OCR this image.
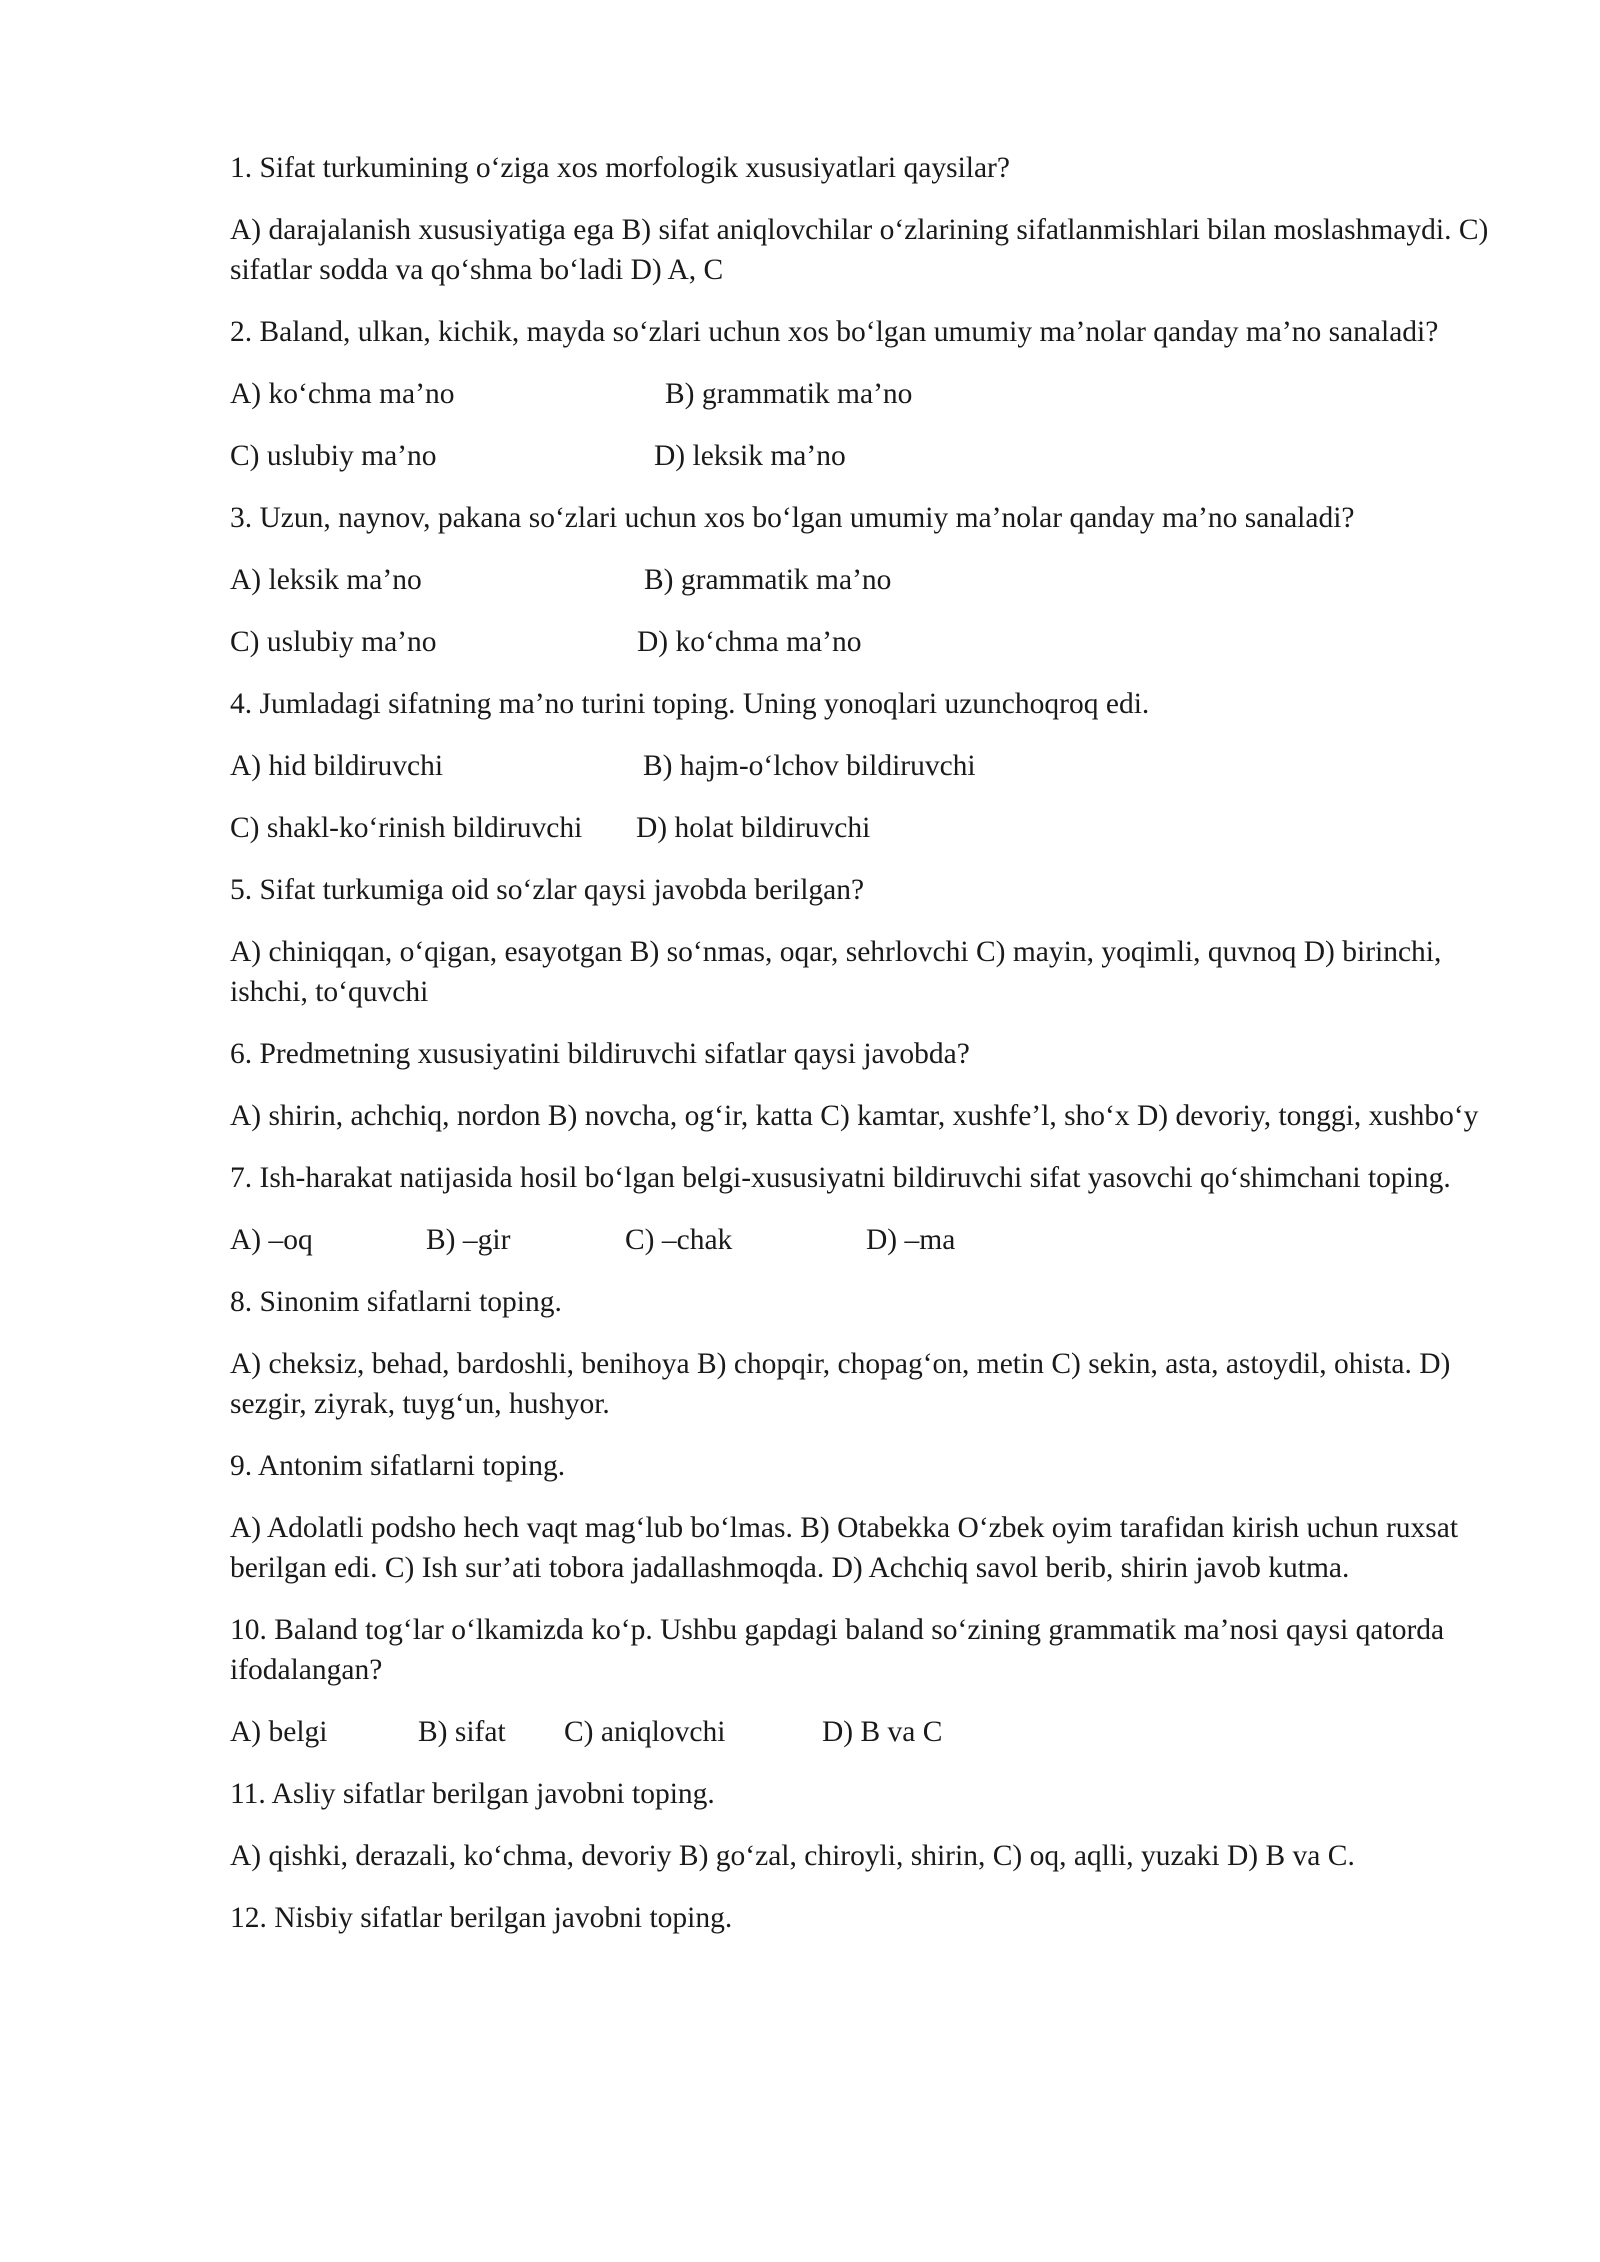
1. Sifat turkumining o‘ziga xos morfologik xususiyatlari qaysilar?

A) darajalanish xususiyatiga ega B) sifat aniqlovchilar o‘zlarining sifatlanmishlari bilan moslashmaydi. C) sifatlar sodda va qo‘shma bo‘ladi D) A, C

2. Baland, ulkan, kichik, mayda so‘zlari uchun xos bo‘lgan umumiy ma’nolar qanday ma’no sanaladi?

A) ko‘chma ma’no	B) grammatik ma’no
C) uslubiy ma’no	D) leksik ma’no

3. Uzun, naynov, pakana so‘zlari uchun xos bo‘lgan umumiy ma’nolar qanday ma’no sanaladi?

A) leksik ma’no	B) grammatik ma’no
C) uslubiy ma’no	D) ko‘chma ma’no

4. Jumladagi sifatning ma’no turini toping. Uning yonoqlari uzunchoqroq edi.

A) hid bildiruvchi	B) hajm-o‘lchov bildiruvchi
C) shakl-ko‘rinish bildiruvchi D) holat bildiruvchi

5. Sifat turkumiga oid so‘zlar qaysi javobda berilgan?

A) chiniqqan, o‘qigan, esayotgan B) so‘nmas, oqar, sehrlovchi C) mayin, yoqimli, quvnoq D) birinchi, ishchi, to‘quvchi

6. Predmetning xususiyatini bildiruvchi sifatlar qaysi javobda?

A) shirin, achchiq, nordon B) novcha, og‘ir, katta C) kamtar, xushfe’l, sho‘x D) devoriy, tonggi, xushbo‘y

7. Ish-harakat natijasida hosil bo‘lgan belgi-xususiyatni bildiruvchi sifat yasovchi qo‘shimchani toping.

A) –oq	B) –gir	C) –chak	D) –ma

8. Sinonim sifatlarni toping.

A) cheksiz, behad, bardoshli, benihoya B) chopqir, chopag‘on, metin C) sekin, asta, astoydil, ohista. D) sezgir, ziyrak, tuyg‘un, hushyor.

9. Antonim sifatlarni toping.

A) Adolatli podsho hech vaqt mag‘lub bo‘lmas. B) Otabekka O‘zbek oyim tarafidan kirish uchun ruxsat berilgan edi. C) Ish sur’ati tobora jadallashmoqda. D) Achchiq savol berib, shirin javob kutma.

10. Baland tog‘lar o‘lkamizda ko‘p. Ushbu gapdagi baland so‘zining grammatik ma’nosi qaysi qatorda ifodalangan?

A) belgi	B) sifat C) aniqlovchi	D) B va C

11. Asliy sifatlar berilgan javobni toping.

A) qishki, derazali, ko‘chma, devoriy B) go‘zal, chiroyli, shirin, C) oq, aqlli, yuzaki D) B va C.

12. Nisbiy sifatlar berilgan javobni toping.
